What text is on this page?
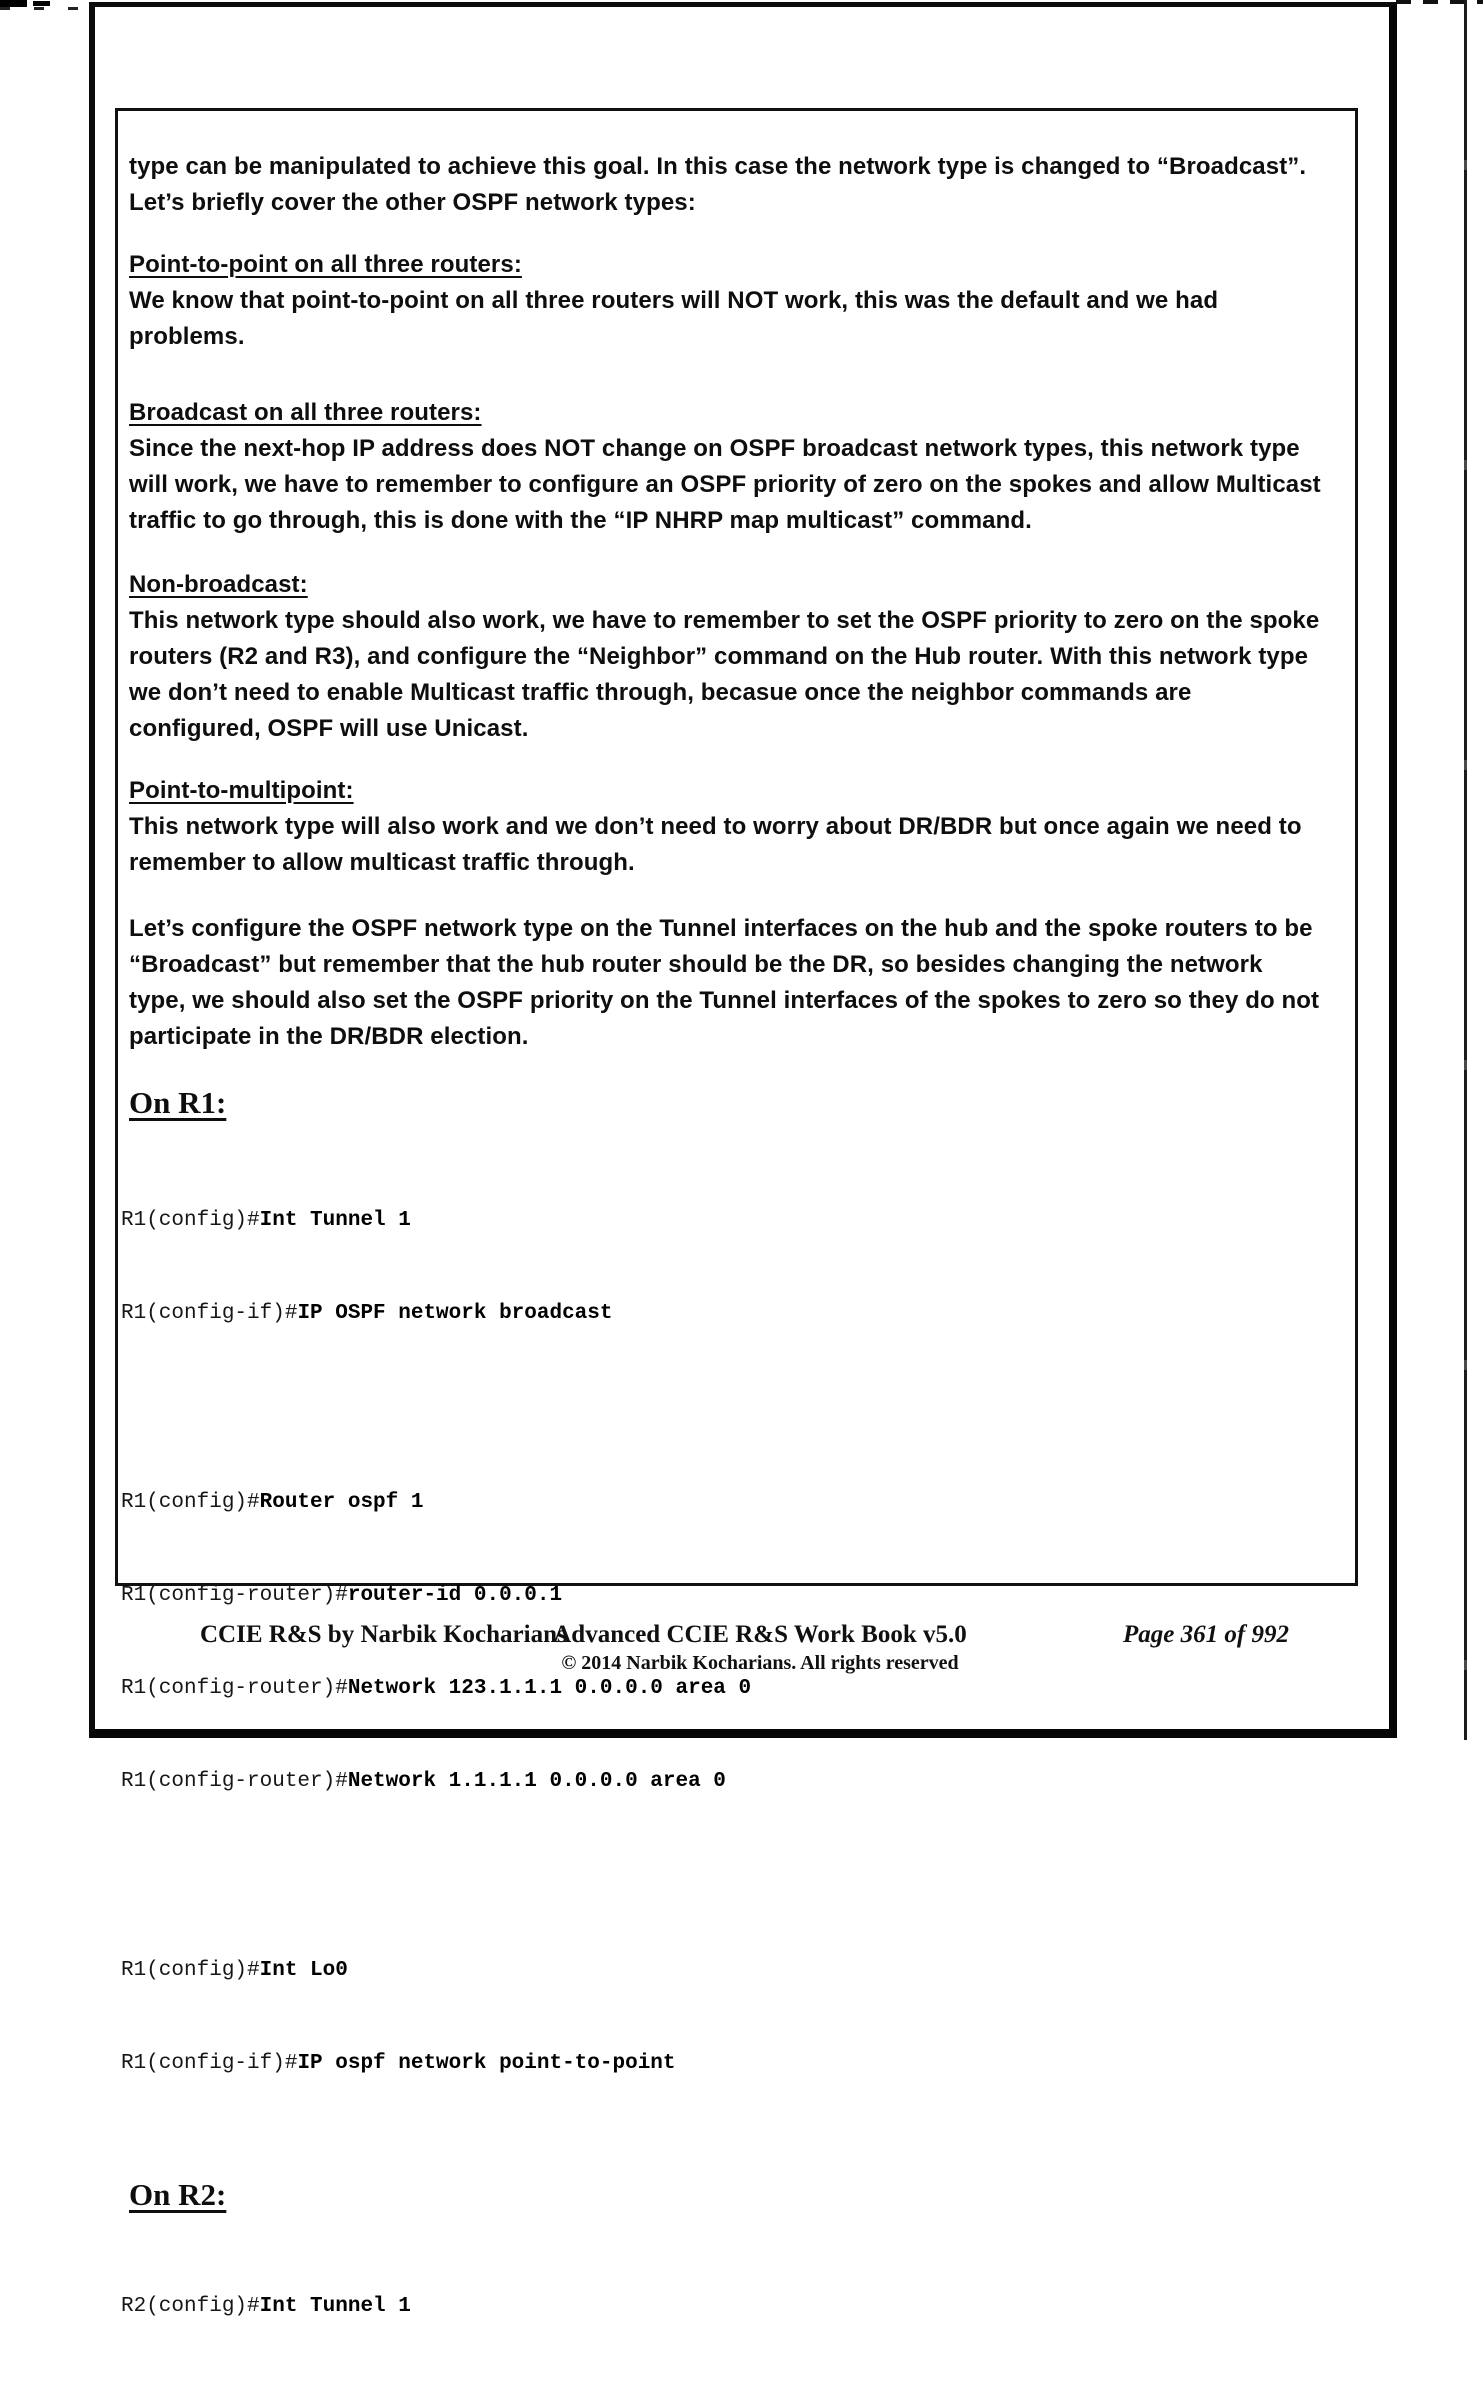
type can be manipulated to achieve this goal. In this case the network type is changed to “Broadcast”. Let’s briefly cover the other OSPF network types:

Point-to-point on all three routers:

We know that point-to-point on all three routers will NOT work, this was the default and we had problems.

Broadcast on all three routers:

Since the next-hop IP address does NOT change on OSPF broadcast network types, this network type will work, we have to remember to configure an OSPF priority of zero on the spokes and allow Multicast traffic to go through, this is done with the “IP NHRP map multicast” command.

Non-broadcast:

This network type should also work, we have to remember to set the OSPF priority to zero on the spoke routers (R2 and R3), and configure the “Neighbor” command on the Hub router. With this network type we don’t need to enable Multicast traffic through, becasue once the neighbor commands are configured, OSPF will use Unicast.

Point-to-multipoint:

This network type will also work and we don’t need to worry about DR/BDR but once again we need to remember to allow multicast traffic through.

Let’s configure the OSPF network type on the Tunnel interfaces on the hub and the spoke routers to be “Broadcast” but remember that the hub router should be the DR, so besides changing the network type, we should also set the OSPF priority on the Tunnel interfaces of the spokes to zero so they do not participate in the DR/BDR election.

On R1:

R1(config)#Int Tunnel 1

R1(config-if)#IP OSPF network broadcast

R1(config)#Router ospf 1

R1(config-router)#router-id 0.0.0.1

R1(config-router)#Network 123.1.1.1 0.0.0.0 area 0

R1(config-router)#Network 1.1.1.1 0.0.0.0 area 0

R1(config)#Int Lo0

R1(config-if)#IP ospf network point-to-point

On R2:

R2(config)#Int Tunnel 1

CCIE R&S by Narbik Kocharians
Advanced CCIE R&S Work Book v5.0
© 2014 Narbik Kocharians. All rights reserved
Page 361 of 992
